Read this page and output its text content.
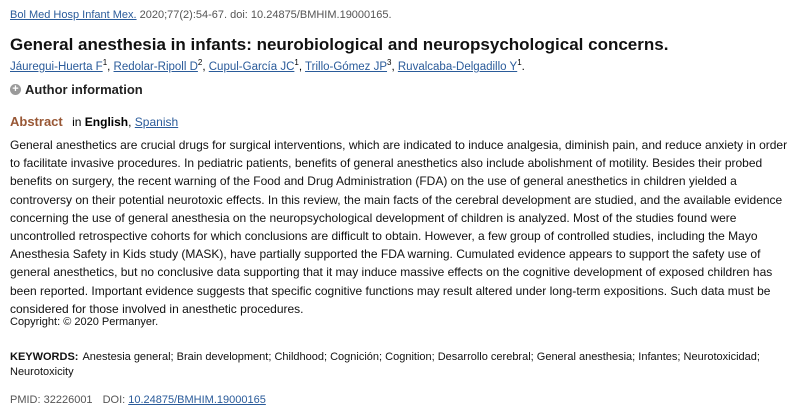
Bol Med Hosp Infant Mex. 2020;77(2):54-67. doi: 10.24875/BMHIM.19000165.
General anesthesia in infants: neurobiological and neuropsychological concerns.
Jáuregui-Huerta $F^1$, Redolar-Ripoll $D^2$, Cupul-García $JC^1$, Trillo-Gómez $JP^3$, Ruvalcaba-Delgadillo $Y^1$.
+ Author information
Abstract in English, Spanish

General anesthetics are crucial drugs for surgical interventions, which are indicated to induce analgesia, diminish pain, and reduce anxiety in order to facilitate invasive procedures. In pediatric patients, benefits of general anesthetics also include abolishment of motility. Besides their probed benefits on surgery, the recent warning of the Food and Drug Administration (FDA) on the use of general anesthetics in children yielded a controversy on their potential neurotoxic effects. In this review, the main facts of the cerebral development are studied, and the available evidence concerning the use of general anesthesia on the neuropsychological development of children is analyzed. Most of the studies found were uncontrolled retrospective cohorts for which conclusions are difficult to obtain. However, a few group of controlled studies, including the Mayo Anesthesia Safety in Kids study (MASK), have partially supported the FDA warning. Cumulated evidence appears to support the safety use of general anesthetics, but no conclusive data supporting that it may induce massive effects on the cognitive development of exposed children has been reported. Important evidence suggests that specific cognitive functions may result altered under long-term expositions. Such data must be considered for those involved in anesthetic procedures.

Copyright: © 2020 Permanyer.
KEYWORDS: Anestesia general; Brain development; Childhood; Cognición; Cognition; Desarrollo cerebral; General anesthesia; Infantes; Neurotoxicidad; Neurotoxicity
PMID: 32226001 DOI: 10.24875/BMHIM.19000165
